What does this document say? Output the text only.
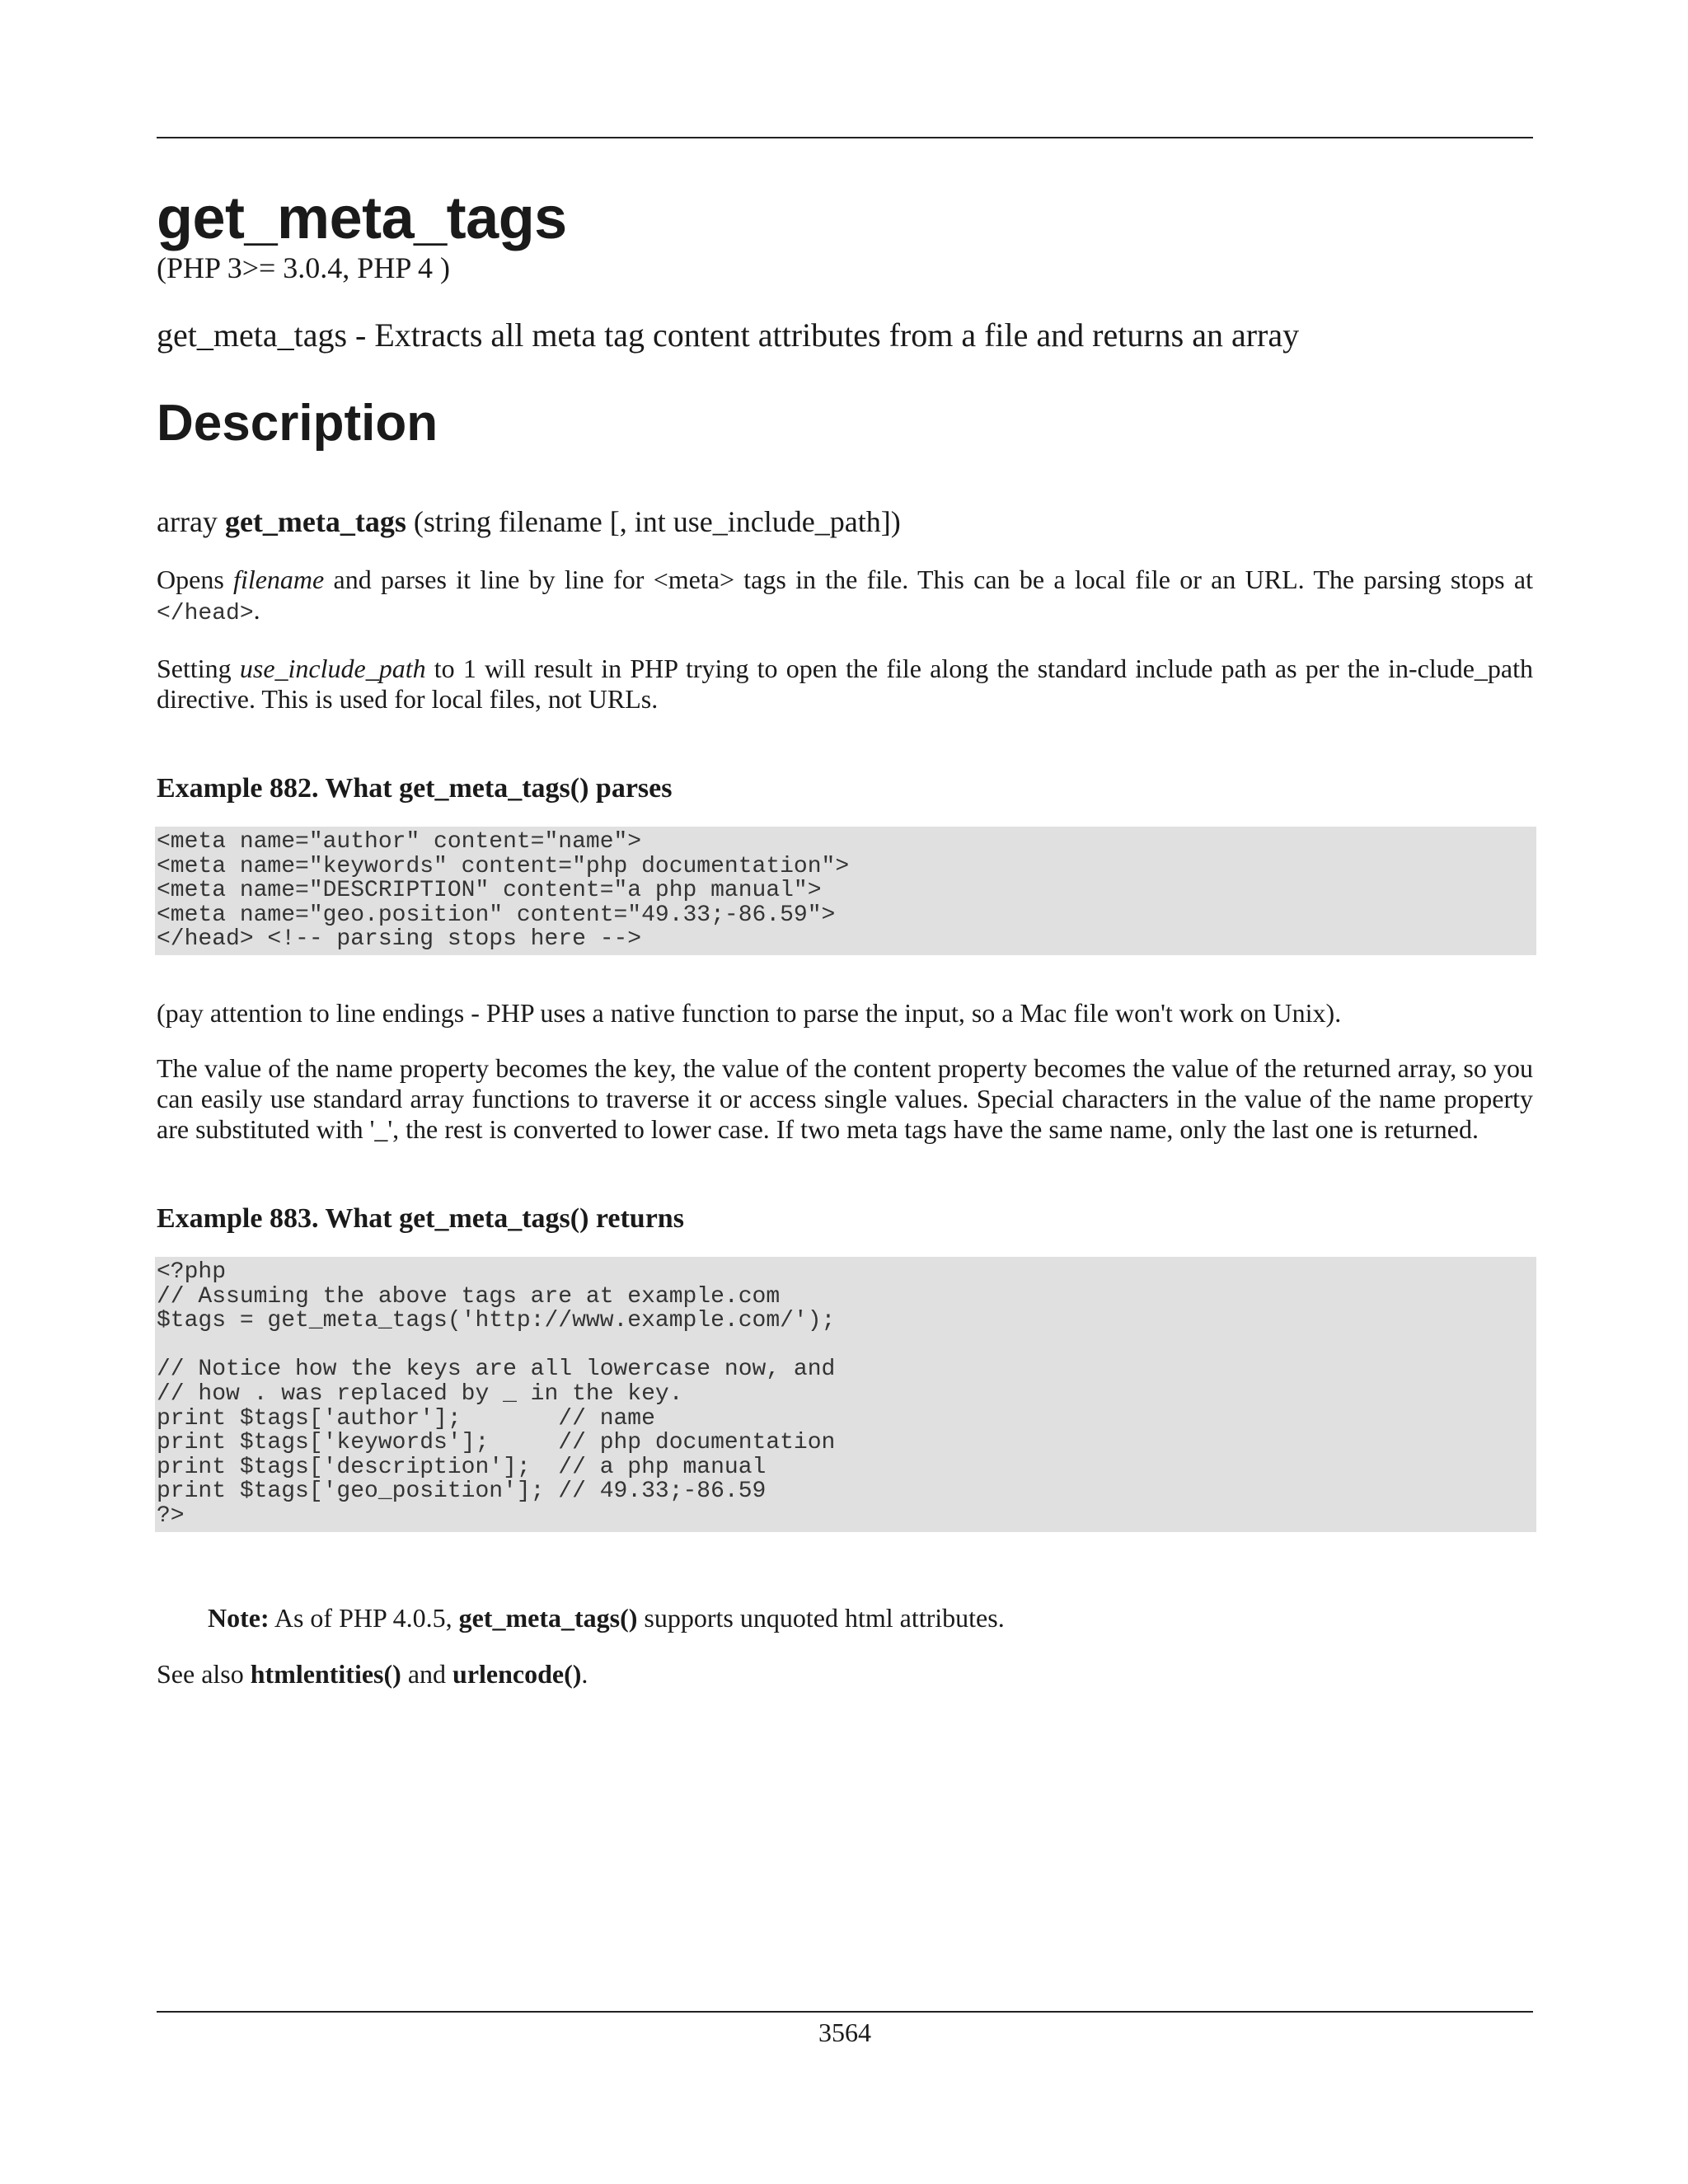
get_meta_tags

(PHP 3>= 3.0.4, PHP 4 )

get_meta_tags - Extracts all meta tag content attributes from a file and returns an array

Description

array get_meta_tags (string filename [, int use_include_path])

Opens filename and parses it line by line for <meta> tags in the file. This can be a local file or an URL. The parsing stops at </head>.

Setting use_include_path to 1 will result in PHP trying to open the file along the standard include path as per the in-clude_path directive. This is used for local files, not URLs.

Example 882. What get_meta_tags() parses

<meta name="author" content="name">
<meta name="keywords" content="php documentation">
<meta name="DESCRIPTION" content="a php manual">
<meta name="geo.position" content="49.33;-86.59">
</head> <!-- parsing stops here -->

(pay attention to line endings - PHP uses a native function to parse the input, so a Mac file won't work on Unix).

The value of the name property becomes the key, the value of the content property becomes the value of the returned array, so you can easily use standard array functions to traverse it or access single values. Special characters in the value of the name property are substituted with '_', the rest is converted to lower case. If two meta tags have the same name, only the last one is returned.

Example 883. What get_meta_tags() returns

<?php
// Assuming the above tags are at example.com
$tags = get_meta_tags('http://www.example.com/');

// Notice how the keys are all lowercase now, and
// how . was replaced by _ in the key.
print $tags['author'];       // name
print $tags['keywords'];     // php documentation
print $tags['description'];  // a php manual
print $tags['geo_position']; // 49.33;-86.59
?>

Note: As of PHP 4.0.5, get_meta_tags() supports unquoted html attributes.

See also htmlentities() and urlencode().

3564
